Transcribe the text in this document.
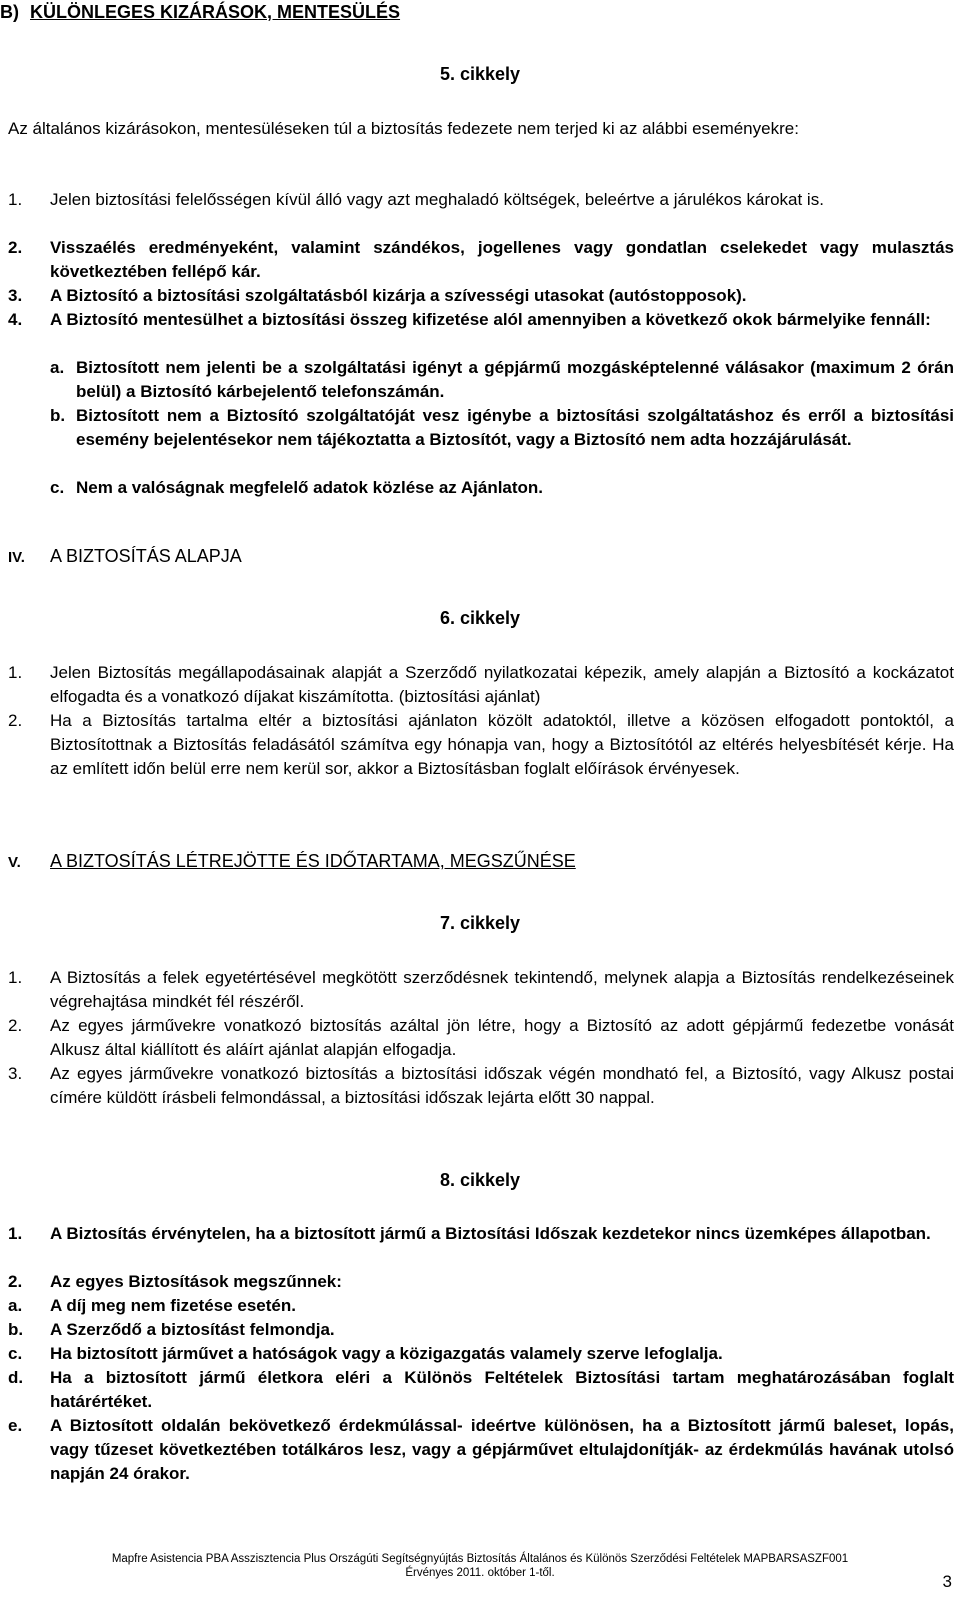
B) KÜLÖNLEGES KIZÁRÁSOK, MENTESÜLÉS
5. cikkely
Az általános kizárásokon, mentesüléseken túl a biztosítás fedezete nem terjed ki az alábbi eseményekre:
1. Jelen biztosítási felelősségen kívül álló vagy azt meghaladó költségek, beleértve a járulékos károkat is.
2. Visszaélés eredményeként, valamint szándékos, jogellenes vagy gondatlan cselekedet vagy mulasztás következtében fellépő kár.
3. A Biztosító a biztosítási szolgáltatásból kizárja a szívességi utasokat (autóstopposok).
4. A Biztosító mentesülhet a biztosítási összeg kifizetése alól amennyiben a következő okok bármelyike fennáll:
a. Biztosított nem jelenti be a szolgáltatási igényt a gépjármű mozgásképtelenné válásakor (maximum 2 órán belül) a Biztosító kárbejelentő telefonszámán.
b. Biztosított nem a Biztosító szolgáltatóját vesz igénybe a biztosítási szolgáltatáshoz és erről a biztosítási esemény bejelentésekor nem tájékoztatta a Biztosítót, vagy a Biztosító nem adta hozzájárulását.
c. Nem a valóságnak megfelelő adatok közlése az Ajánlaton.
IV. A BIZTOSÍTÁS ALAPJA
6. cikkely
1. Jelen Biztosítás megállapodásainak alapját a Szerződő nyilatkozatai képezik, amely alapján a Biztosító a kockázatot elfogadta és a vonatkozó díjakat kiszámította. (biztosítási ajánlat)
2. Ha a Biztosítás tartalma eltér a biztosítási ajánlaton közölt adatoktól, illetve a közösen elfogadott pontoktól, a Biztosítottnak a Biztosítás feladásától számítva egy hónapja van, hogy a Biztosítótól az eltérés helyesbítését kérje. Ha az említett időn belül erre nem kerül sor, akkor a Biztosításban foglalt előírások érvényesek.
V. A BIZTOSÍTÁS LÉTREJÖTTE ÉS IDŐTARTAMA, MEGSZŰNÉSE
7. cikkely
1. A Biztosítás a felek egyetértésével megkötött szerződésnek tekintendő, melynek alapja a Biztosítás rendelkezéseinek végrehajtása mindkét fél részéről.
2. Az egyes járművekre vonatkozó biztosítás azáltal jön létre, hogy a Biztosító az adott gépjármű fedezetbe vonását Alkusz által kiállított és aláírt ajánlat alapján elfogadja.
3. Az egyes járművekre vonatkozó biztosítás a biztosítási időszak végén mondható fel, a Biztosító, vagy Alkusz postai címére küldött írásbeli felmondással, a biztosítási időszak lejárta előtt 30 nappal.
8. cikkely
1. A Biztosítás érvénytelen, ha a biztosított jármű a Biztosítási Időszak kezdetekor nincs üzemképes állapotban.
2. Az egyes Biztosítások megszűnnek:
a. A díj meg nem fizetése esetén.
b. A Szerződő a biztosítást felmondja.
c. Ha biztosított járművet a hatóságok vagy a közigazgatás valamely szerve lefoglalja.
d. Ha a biztosított jármű életkora eléri a Különös Feltételek Biztosítási tartam meghatározásában foglalt határértéket.
e. A Biztosított oldalán bekövetkező érdekmúlással- ideértve különösen, ha a Biztosított jármű baleset, lopás, vagy tűzeset következtében totálkáros lesz, vagy a gépjárművet eltulajdonítják- az érdekmúlás havának utolsó napján 24 órakor.
Mapfre Asistencia PBA Asszisztencia Plus Országúti Segítségnyújtás Biztosítás Általános és Különös Szerződési Feltételek MAPBARSASZF001
Érvényes 2011. október 1-től.	3
